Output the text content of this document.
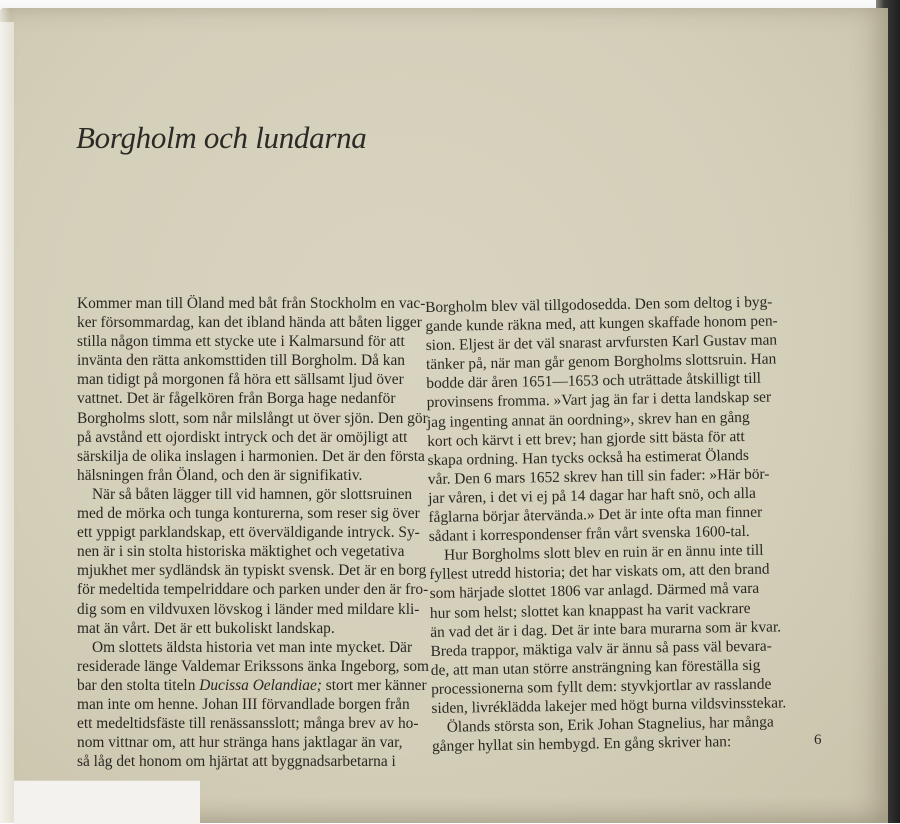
Borgholm och lundarna
Kommer man till Öland med båt från Stockholm en vac-
ker försommardag, kan det ibland hända att båten ligger
stilla någon timma ett stycke ute i Kalmarsund för att
invänta den rätta ankomsttiden till Borgholm. Då kan
man tidigt på morgonen få höra ett sällsamt ljud över
vattnet. Det är fågelkören från Borga hage nedanför
Borgholms slott, som når milslångt ut över sjön. Den gör
på avstånd ett ojordiskt intryck och det är omöjligt att
särskilja de olika inslagen i harmonien. Det är den första
hälsningen från Öland, och den är signifikativ.
När så båten lägger till vid hamnen, gör slottsruinen
med de mörka och tunga konturerna, som reser sig över
ett yppigt parklandskap, ett överväldigande intryck. Sy-
nen är i sin stolta historiska mäktighet och vegetativa
mjukhet mer sydländsk än typiskt svensk. Det är en borg
för medeltida tempelriddare och parken under den är fro-
dig som en vildvuxen lövskog i länder med mildare kli-
mat än vårt. Det är ett bukoliskt landskap.
Om slottets äldsta historia vet man inte mycket. Där
residerade länge Valdemar Erikssons änka Ingeborg, som
bar den stolta titeln Ducissa Oelandiae; stort mer känner
man inte om henne. Johan III förvandlade borgen från
ett medeltidsfäste till renässansslott; många brev av ho-
nom vittnar om, att hur stränga hans jaktlagar än var,
så låg det honom om hjärtat att byggnadsarbetarna i
Borgholm blev väl tillgodosedda. Den som deltog i byg-
gande kunde räkna med, att kungen skaffade honom pen-
sion. Eljest är det väl snarast arvfursten Karl Gustav man
tänker på, när man går genom Borgholms slottsruin. Han
bodde där åren 1651—1653 och uträttade åtskilligt till
provinsens fromma. »Vart jag än far i detta landskap ser
jag ingenting annat än oordning», skrev han en gång
kort och kärvt i ett brev; han gjorde sitt bästa för att
skapa ordning. Han tycks också ha estimerat Ölands
vår. Den 6 mars 1652 skrev han till sin fader: »Här bör-
jar våren, i det vi ej på 14 dagar har haft snö, och alla
fåglarna börjar återvända.» Det är inte ofta man finner
sådant i korrespondenser från vårt svenska 1600-tal.
Hur Borgholms slott blev en ruin är en ännu inte till
fyllest utredd historia; det har viskats om, att den brand
som härjade slottet 1806 var anlagd. Därmed må vara
hur som helst; slottet kan knappast ha varit vackrare
än vad det är i dag. Det är inte bara murarna som är kvar.
Breda trappor, mäktiga valv är ännu så pass väl bevara-
de, att man utan större ansträngning kan föreställa sig
processionerna som fyllt dem: styvkjortlar av rasslande
siden, livréklädda lakejer med högt burna vildsvinsstekar.
Ölands största son, Erik Johan Stagnelius, har många
gånger hyllat sin hembygd. En gång skriver han:	6
